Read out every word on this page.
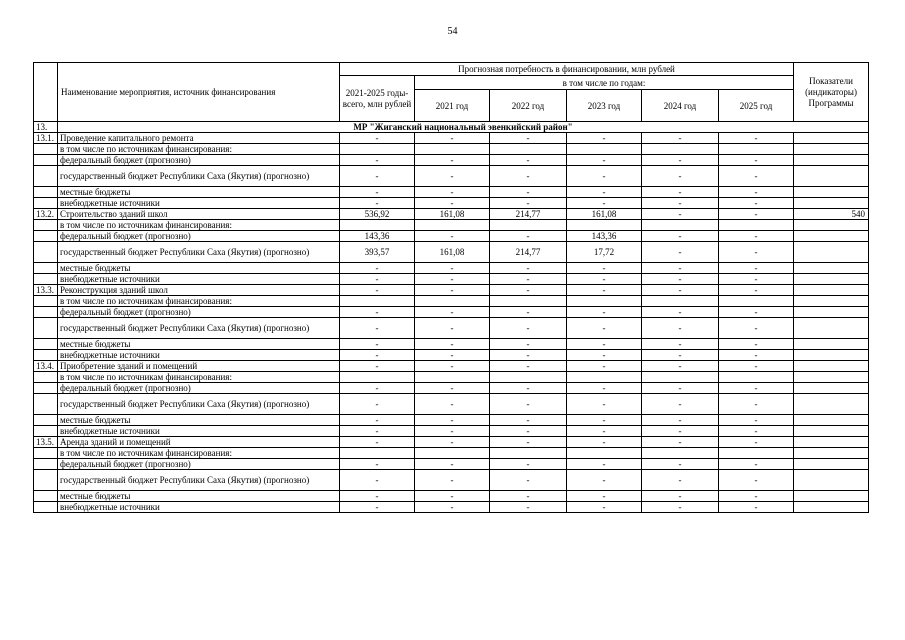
54
	Наименование мероприятия, источник финансирования	Прогнозная потребность в финансировании, млн рублей						Показатели (индикаторы) Программы
		2021-2025 годы- всего, млн рублей	в том числе по годам:					
			2021 год	2022 год	2023 год	2024 год	2025 год	
13.	МР "Жиганский национальный эвенкийский район"							
13.1.	Проведение капитального ремонта	-	-	-	-	-	-	
	в том числе по источникам финансирования:							
	федеральный бюджет (прогнозно)	-	-	-	-	-	-	
	государственный бюджет Республики Саха (Якутия) (прогнозно)	-	-	-	-	-	-	
	местные бюджеты	-	-	-	-	-	-	
	внебюджетные источники	-	-	-	-	-	-	
13.2.	Строительство зданий школ	536,92	161,08	214,77	161,08	-	-	540
	в том числе по источникам финансирования:							
	федеральный бюджет (прогнозно)	143,36	-	-	143,36	-	-	
	государственный бюджет Республики Саха (Якутия) (прогнозно)	393,57	161,08	214,77	17,72	-	-	
	местные бюджеты	-	-	-	-	-	-	
	внебюджетные источники	-	-	-	-	-	-	
13.3.	Реконструкция зданий школ	-	-	-	-	-	-	
	в том числе по источникам финансирования:							
	федеральный бюджет (прогнозно)	-	-	-	-	-	-	
	государственный бюджет Республики Саха (Якутия) (прогнозно)	-	-	-	-	-	-	
	местные бюджеты	-	-	-	-	-	-	
	внебюджетные источники	-	-	-	-	-	-	
13.4.	Приобретение зданий и помещений	-	-	-	-	-	-	
	в том числе по источникам финансирования:							
	федеральный бюджет (прогнозно)	-	-	-	-	-	-	
	государственный бюджет Республики Саха (Якутия) (прогнозно)	-	-	-	-	-	-	
	местные бюджеты	-	-	-	-	-	-	
	внебюджетные источники	-	-	-	-	-	-	
13.5.	Аренда зданий и помещений	-	-	-	-	-	-	
	в том числе по источникам финансирования:							
	федеральный бюджет (прогнозно)	-	-	-	-	-	-	
	государственный бюджет Республики Саха (Якутия) (прогнозно)	-	-	-	-	-	-	
	местные бюджеты	-	-	-	-	-	-	
	внебюджетные источники	-	-	-	-	-	-	
